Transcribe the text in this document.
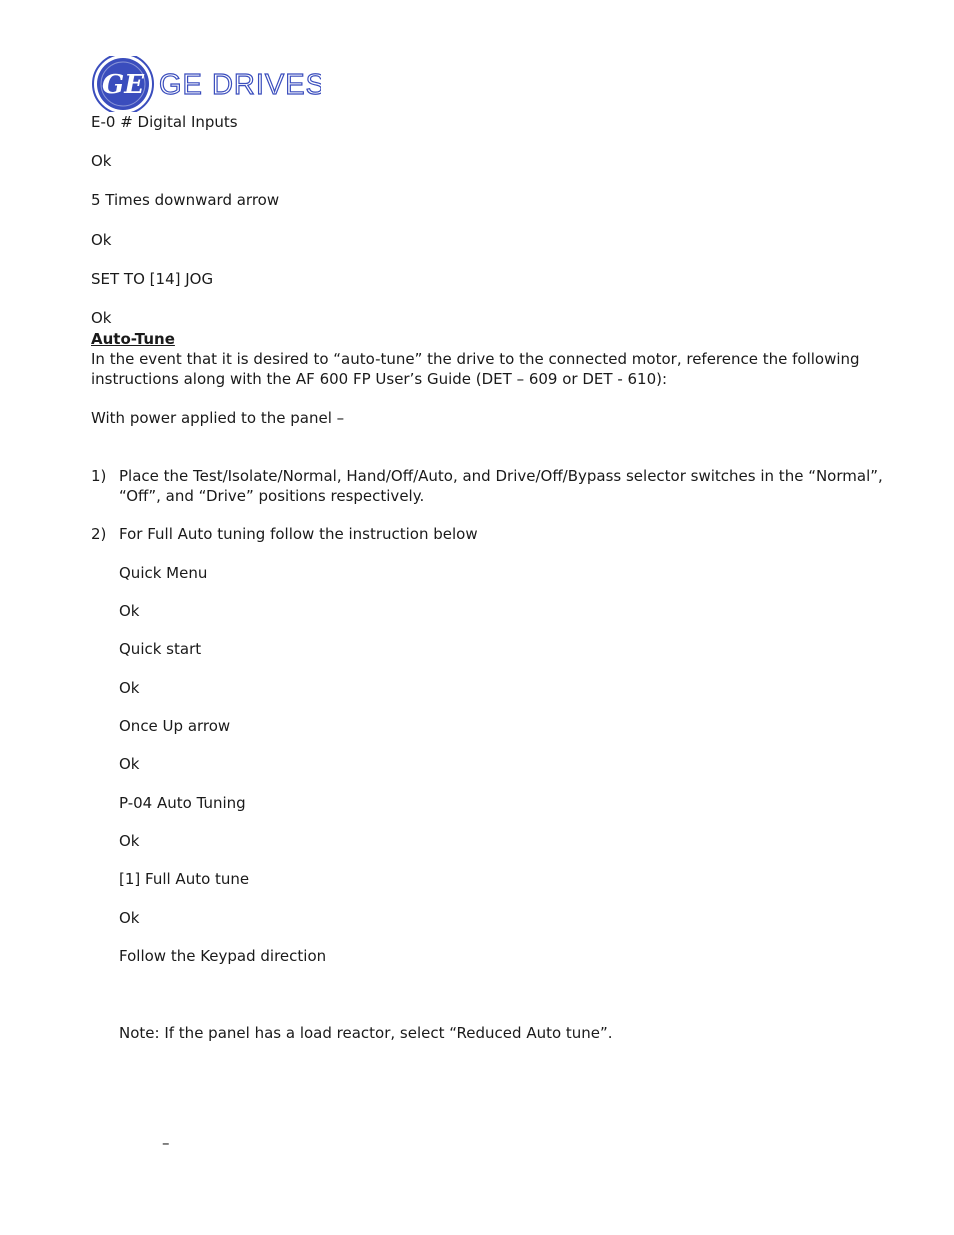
GE GE DRIVES
E-0 # Digital Inputs
Ok
5 Times downward arrow
Ok
SET TO [14] JOG
Ok
Auto-Tune
In the event that it is desired to “auto-tune” the drive to the connected motor, reference the following instructions along with the AF 600 FP User’s Guide (DET – 609 or DET - 610):
With power applied to the panel –
1) Place the Test/Isolate/Normal, Hand/Off/Auto, and Drive/Off/Bypass selector switches in the “Normal”,
“Off”, and “Drive” positions respectively.
2) For Full Auto tuning follow the instruction below
Quick Menu
Ok
Quick start
Ok
Once Up arrow
Ok
P-04 Auto Tuning
Ok
[1] Full Auto tune
Ok
Follow the Keypad direction
Note: If the panel has a load reactor, select “Reduced Auto tune”.
–
